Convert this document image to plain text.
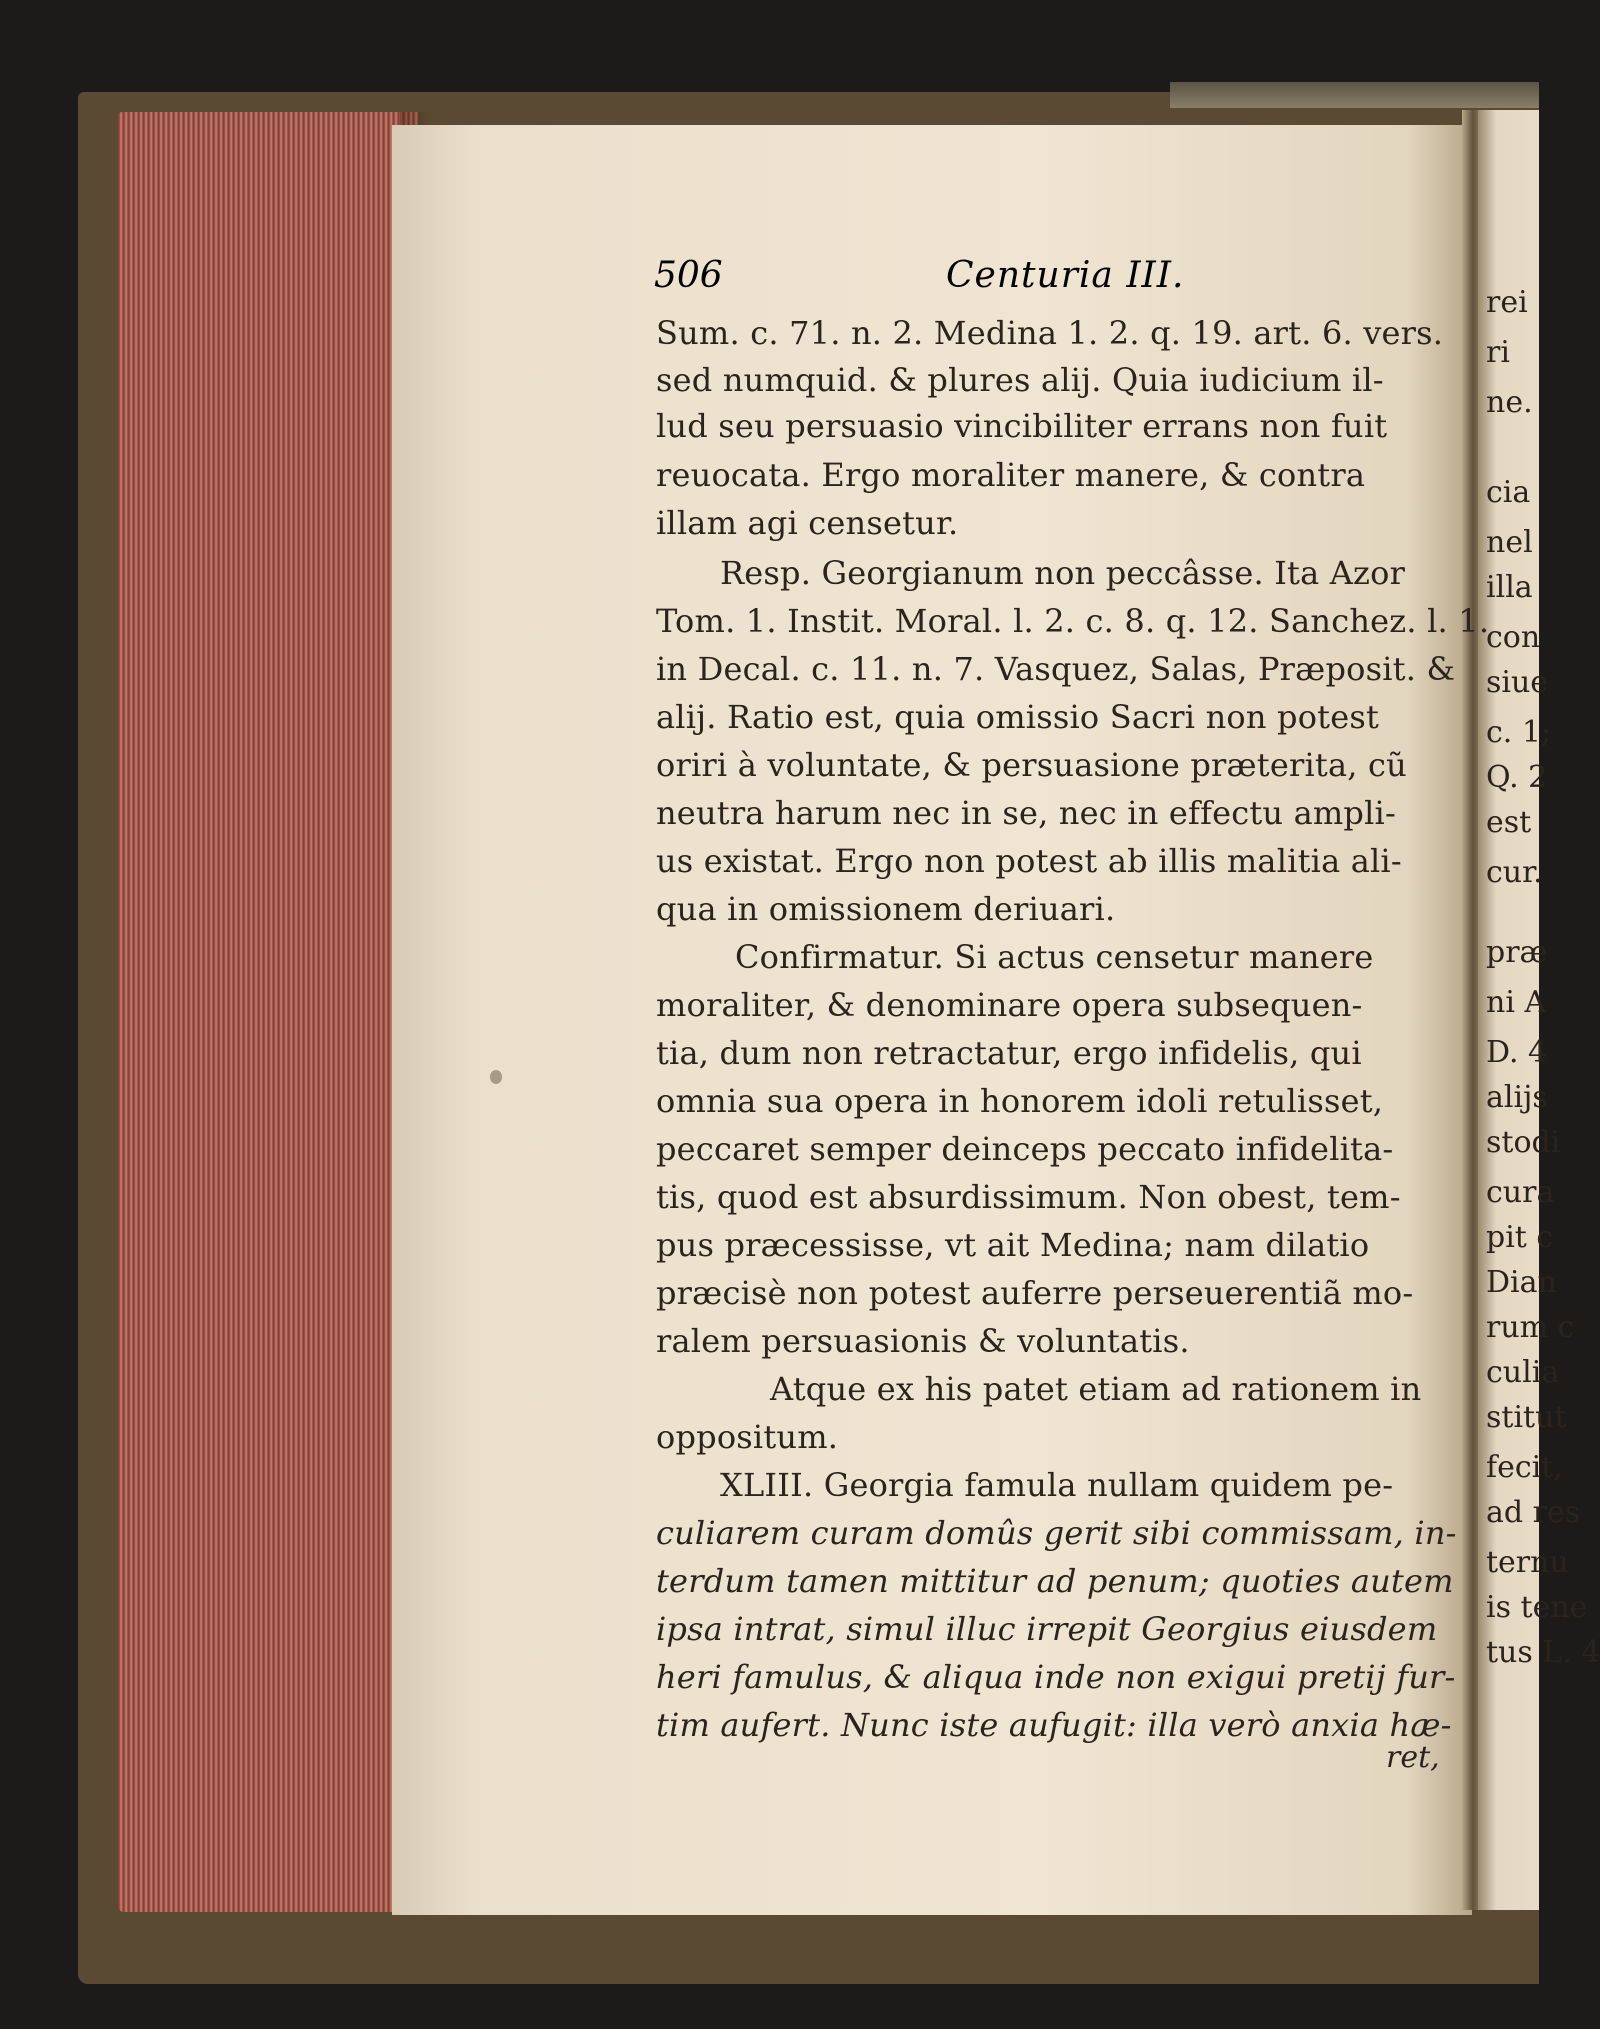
506	Centuria III.
Sum. c. 71. n. 2. Medina 1. 2. q. 19. art. 6. vers.
sed numquid. & plures alij. Quia iudicium il-
lud seu persuasio vincibiliter errans non fuit
reuocata. Ergo moraliter manere, & contra
illam agi censetur.
Resp. Georgianum non peccâsse. Ita Azor
Tom. 1. Instit. Moral. l. 2. c. 8. q. 12. Sanchez. l. 1.
in Decal. c. 11. n. 7. Vasquez, Salas, Præposit. &
alij. Ratio est, quia omissio Sacri non potest
oriri à voluntate, & persuasione præterita, cũ
neutra harum nec in se, nec in effectu ampli-
us existat. Ergo non potest ab illis malitia ali-
qua in omissionem deriuari.
Confirmatur. Si actus censetur manere
moraliter, & denominare opera subsequen-
tia, dum non retractatur, ergo infidelis, qui
omnia sua opera in honorem idoli retulisset,
peccaret semper deinceps peccato infidelita-
tis, quod est absurdissimum. Non obest, tem-
pus præcessisse, vt ait Medina; nam dilatio
præcisè non potest auferre perseuerentiã mo-
ralem persuasionis & voluntatis.
Atque ex his patet etiam ad rationem in
oppositum.
XLIII. Georgia famula nullam quidem pe-
culiarem curam domûs gerit sibi commissam, in-
terdum tamen mittitur ad penum; quoties autem
ipsa intrat, simul illuc irrepit Georgius eiusdem
heri famulus, & aliqua inde non exigui pretij fur-
tim aufert. Nunc iste aufugit: illa verò anxia hæ-
ret,
rei
ri
ne.
cia
nel
illa
con
siue
c. 1;
Q. 2
est
cur.
præ
ni A
D. 4
alijs
stodi
cura
pit c
Dian
rum c
culia
stitut
fecit,
ad res
ternu
is tene
tus L. 4
